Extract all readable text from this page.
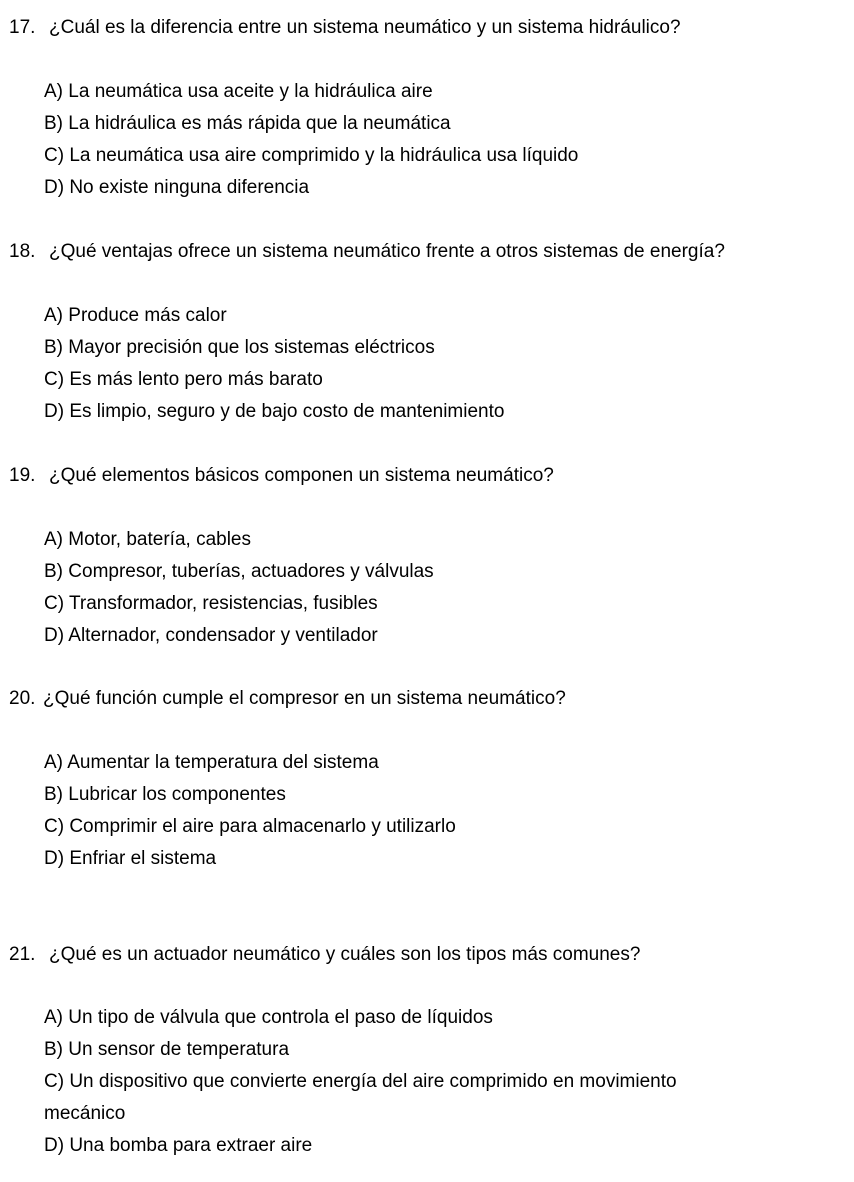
17. ¿Cuál es la diferencia entre un sistema neumático y un sistema hidráulico?
A) La neumática usa aceite y la hidráulica aire
B) La hidráulica es más rápida que la neumática
C) La neumática usa aire comprimido y la hidráulica usa líquido
D) No existe ninguna diferencia
18. ¿Qué ventajas ofrece un sistema neumático frente a otros sistemas de energía?
A) Produce más calor
B) Mayor precisión que los sistemas eléctricos
C) Es más lento pero más barato
D) Es limpio, seguro y de bajo costo de mantenimiento
19. ¿Qué elementos básicos componen un sistema neumático?
A) Motor, batería, cables
B) Compresor, tuberías, actuadores y válvulas
C) Transformador, resistencias, fusibles
D) Alternador, condensador y ventilador
20. ¿Qué función cumple el compresor en un sistema neumático?
A) Aumentar la temperatura del sistema
B) Lubricar los componentes
C) Comprimir el aire para almacenarlo y utilizarlo
D) Enfriar el sistema
21. ¿Qué es un actuador neumático y cuáles son los tipos más comunes?
A) Un tipo de válvula que controla el paso de líquidos
B) Un sensor de temperatura
C) Un dispositivo que convierte energía del aire comprimido en movimiento
mecánico
D) Una bomba para extraer aire
